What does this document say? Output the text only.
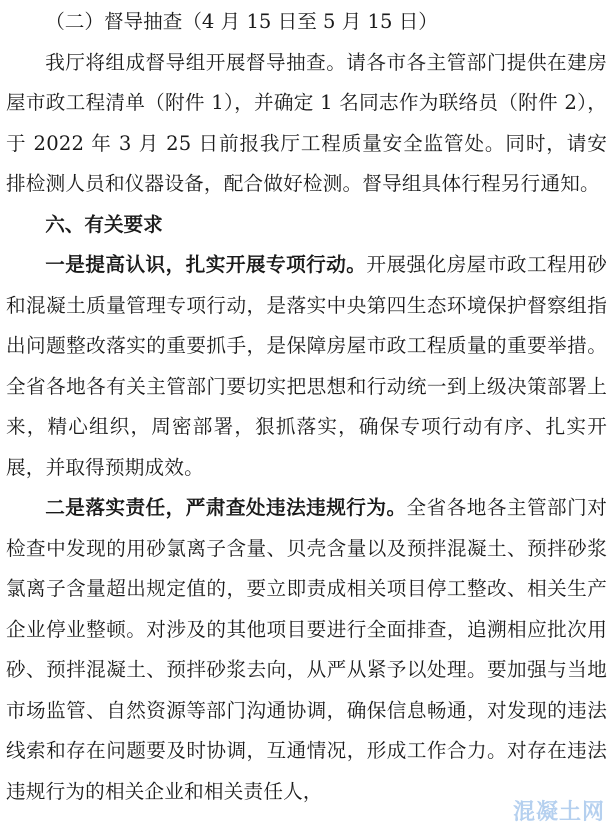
（二）督导抽查（4 月 15 日至 5 月 15 日）

我厅将组成督导组开展督导抽查。请各市各主管部门提供在建房屋市政工程清单（附件 1），并确定 1 名同志作为联络员（附件 2），于 2022 年 3 月 25 日前报我厅工程质量安全监管处。同时，请安排检测人员和仪器设备，配合做好检测。督导组具体行程另行通知。

六、有关要求

一是提高认识，扎实开展专项行动。开展强化房屋市政工程用砂和混凝土质量管理专项行动，是落实中央第四生态环境保护督察组指出问题整改落实的重要抓手，是保障房屋市政工程质量的重要举措。全省各地各有关主管部门要切实把思想和行动统一到上级决策部署上来，精心组织，周密部署，狠抓落实，确保专项行动有序、扎实开展，并取得预期成效。

二是落实责任，严肃查处违法违规行为。全省各地各主管部门对检查中发现的用砂氯离子含量、贝壳含量以及预拌混凝土、预拌砂浆氯离子含量超出规定值的，要立即责成相关项目停工整改、相关生产企业停业整顿。对涉及的其他项目要进行全面排查，追溯相应批次用砂、预拌混凝土、预拌砂浆去向，从严从紧予以处理。要加强与当地市场监管、自然资源等部门沟通协调，确保信息畅通，对发现的违法线索和存在问题要及时协调，互通情况，形成工作合力。对存在违法违规行为的相关企业和相关责任人，

混凝土网
